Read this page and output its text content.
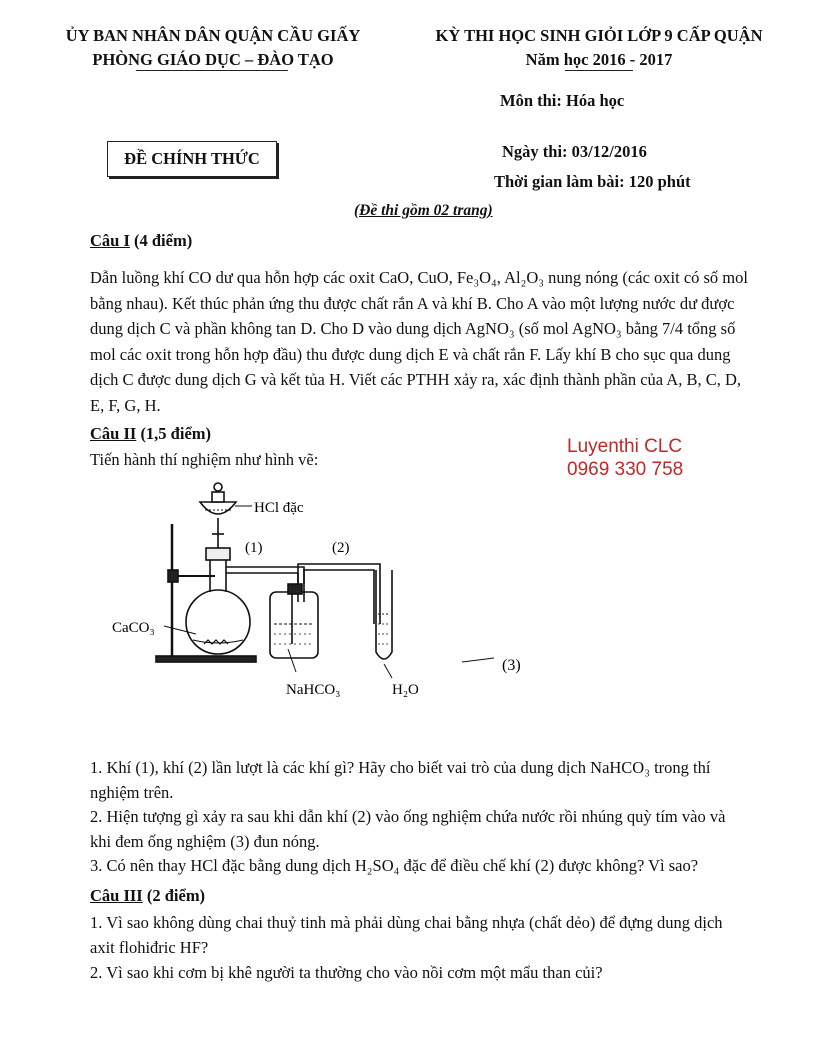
ỦY BAN NHÂN DÂN QUẬN CẦU GIẤY
PHÒNG GIÁO DỤC – ĐÀO TẠO
KỲ THI HỌC SINH GIỎI LỚP 9 CẤP QUẬN
Năm học 2016 - 2017
Môn thi: Hóa học
ĐỀ CHÍNH THỨC	Ngày thi: 03/12/2016
Thời gian làm bài: 120 phút
(Đề thi gồm 02 trang)
Câu I (4 điểm)
Dẫn luồng khí CO dư qua hỗn hợp các oxit CaO, CuO, Fe₃O₄, Al₂O₃ nung nóng (các oxit có số mol
bằng nhau). Kết thúc phản ứng thu được chất rắn A và khí B. Cho A vào một lượng nước dư được
dung dịch C và phần không tan D. Cho D vào dung dịch AgNO₃ (số mol AgNO₃ bằng 7/4 tổng số
mol các oxit trong hỗn hợp đầu) thu được dung dịch E và chất rắn F. Lấy khí B cho sục qua dung
dịch C được dung dịch G và kết tủa H. Viết các PTHH xảy ra, xác định thành phần của A, B, C, D,
E, F, G, H.
Câu II (1,5 điểm)
Tiến hành thí nghiệm như hình vẽ:
Luyenthi CLC
0969 330 758
HCl đặc
(1)	(2)
CaCO₃
NaHCO₃	H₂O
(3)
1. Khí (1), khí (2) lần lượt là các khí gì? Hãy cho biết vai trò của dung dịch NaHCO₃ trong thí
nghiệm trên.
2. Hiện tượng gì xảy ra sau khi dẫn khí (2) vào ống nghiệm chứa nước rồi nhúng quỳ tím vào và
khi đem ống nghiệm (3) đun nóng.
3. Có nên thay HCl đặc bằng dung dịch H₂SO₄ đặc để điều chế khí (2) được không? Vì sao?
Câu III (2 điểm)
1. Vì sao không dùng chai thuỷ tinh mà phải dùng chai bằng nhựa (chất dẻo) để đựng dung dịch
axit flohiđric HF?
2. Vì sao khi cơm bị khê người ta thường cho vào nồi cơm một mẩu than củi?
